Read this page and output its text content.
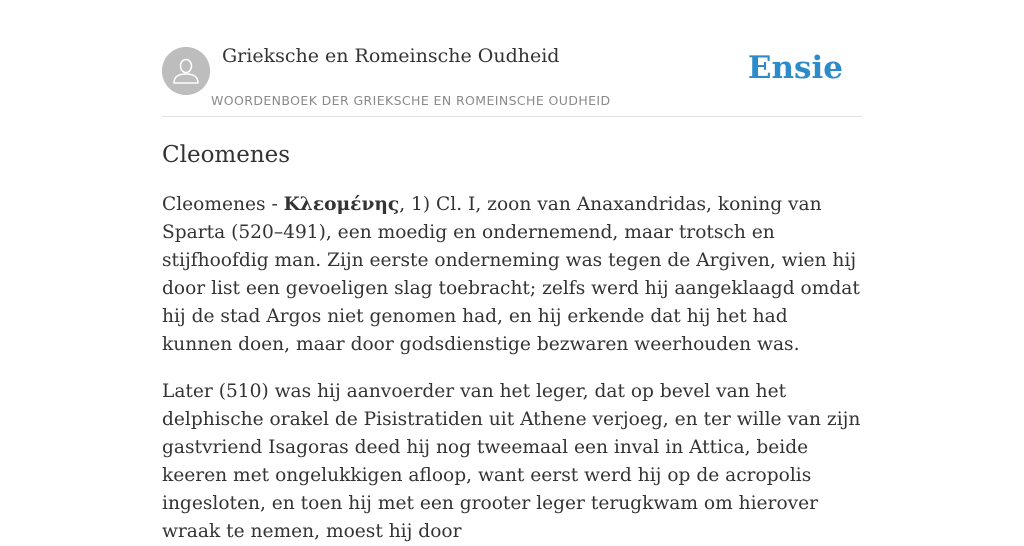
Grieksche en Romeinsche Oudheid
WOORDENBOEK DER GRIEKSCHE EN ROMEINSCHE OUDHEID
Ensie
Cleomenes

Cleomenes - Κλεομένης, 1) Cl. I, zoon van Anaxandridas, koning van Sparta (520–491), een moedig en ondernemend, maar trotsch en stijfhoofdig man. Zijn eerste onderneming was tegen de Argiven, wien hij door list een gevoeligen slag toebracht; zelfs werd hij aangeklaagd omdat hij de stad Argos niet genomen had, en hij erkende dat hij het had kunnen doen, maar door godsdienstige bezwaren weerhouden was.

Later (510) was hij aanvoerder van het leger, dat op bevel van het delphische orakel de Pisistratiden uit Athene verjoeg, en ter wille van zijn gastvriend Isagoras deed hij nog tweemaal een inval in Attica, beide keeren met ongelukkigen afloop, want eerst werd hij op de acropolis ingesloten, en toen hij met een grooter leger terugkwam om hierover wraak te nemen, moest hij door
